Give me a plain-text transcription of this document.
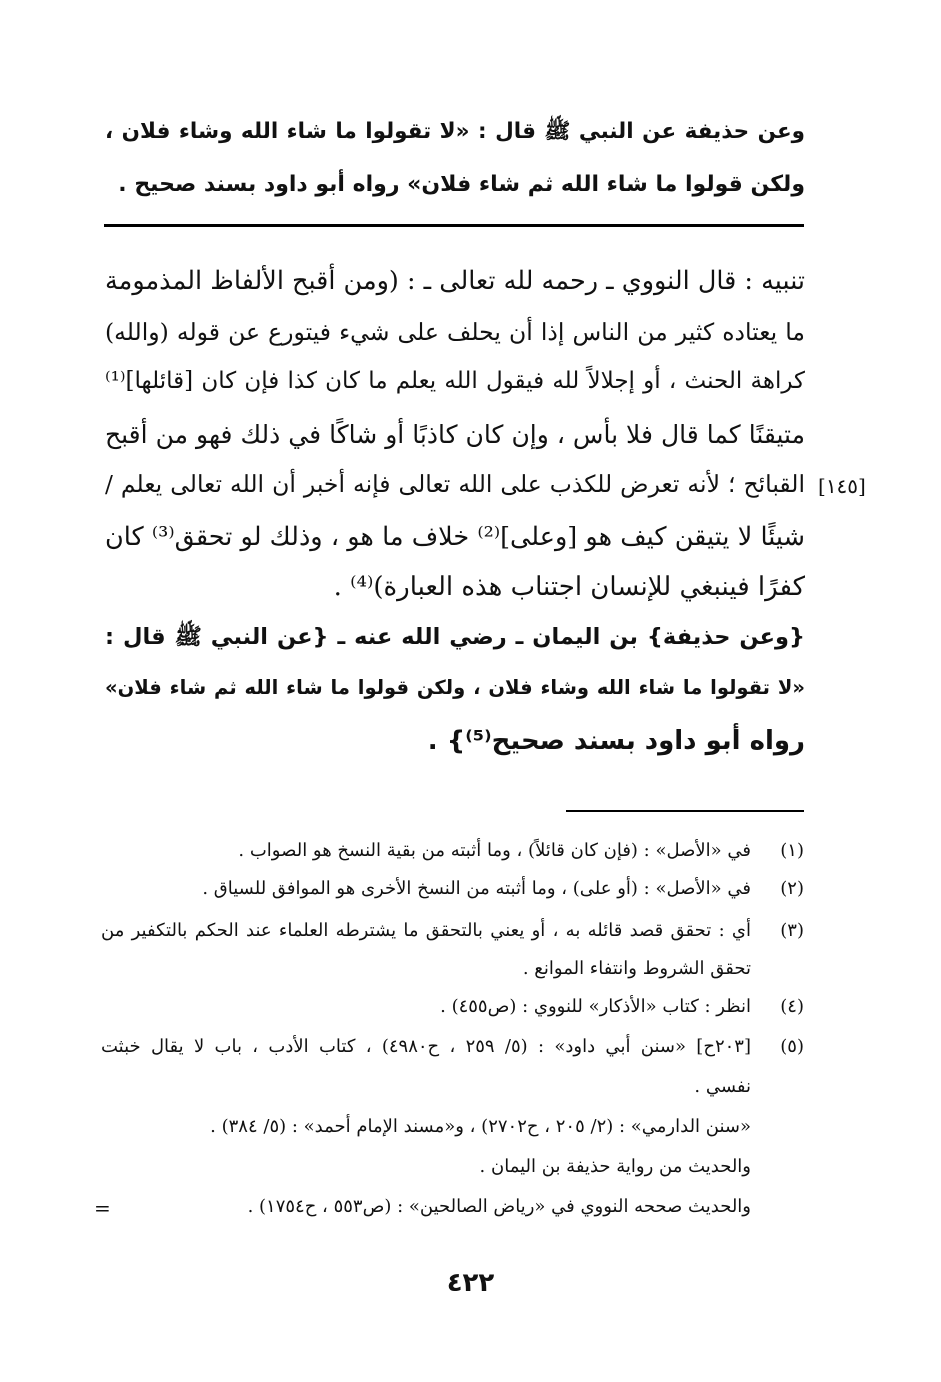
وعن حذيفة عن النبي ﷺ قال : «لا تقولوا ما شاء الله وشاء فلان ،
ولكن قولوا ما شاء الله ثم شاء فلان» رواه أبو داود بسند صحيح .
تنبيه : قال النووي ـ رحمه لله تعالى ـ : (ومن أقبح الألفاظ المذمومة
ما يعتاده كثير من الناس إذا أن يحلف على شيء فيتورع عن قوله (والله)
كراهة الحنث ، أو إجلالاً لله فيقول الله يعلم ما كان كذا فإن كان [قائلها]⁽¹⁾
متيقنًا كما قال فلا بأس ، وإن كان كاذبًا أو شاكًا في ذلك فهو من أقبح
القبائح ؛ لأنه تعرض للكذب على الله تعالى فإنه أخبر أن الله تعالى يعلم /
شيئًا لا يتيقن كيف هو [وعلى]⁽²⁾ خلاف ما هو ، وذلك لو تحقق⁽³⁾ كان
كفرًا فينبغي للإنسان اجتناب هذه العبارة)⁽⁴⁾ .
[١٤٥]
{وعن حذيفة} بن اليمان ـ رضي الله عنه ـ {عن النبي ﷺ قال :
«لا تقولوا ما شاء الله وشاء فلان ، ولكن قولوا ما شاء الله ثم شاء فلان»
رواه أبو داود بسند صحيح⁽⁵⁾} .
(١)
في «الأصل» : (فإن كان قائلاً) ، وما أثبته من بقية النسخ هو الصواب .
(٢)
في «الأصل» : (أو على) ، وما أثبته من النسخ الأخرى هو الموافق للسياق .
(٣)
أي : تحقق قصد قائله به ، أو يعني بالتحقق ما يشترطه العلماء عند الحكم بالتكفير من
تحقق الشروط وانتفاء الموانع .
(٤)
انظر : كتاب «الأذكار» للنووي : (ص٤٥٥) .
(٥)
[٢٠٣ح] «سنن أبي داود» : (٥/ ٢٥٩ ، ح٤٩٨٠) ، كتاب الأدب ، باب لا يقال خبثت
نفسي .
«سنن الدارمي» : (٢/ ٢٠٥ ، ح٢٧٠٢) ، و«مسند الإمام أحمد» : (٥/ ٣٨٤) .
والحديث من رواية حذيفة بن اليمان .
والحديث صححه النووي في «رياض الصالحين» : (ص٥٥٣ ، ح١٧٥٤) .
=
٤٢٢
